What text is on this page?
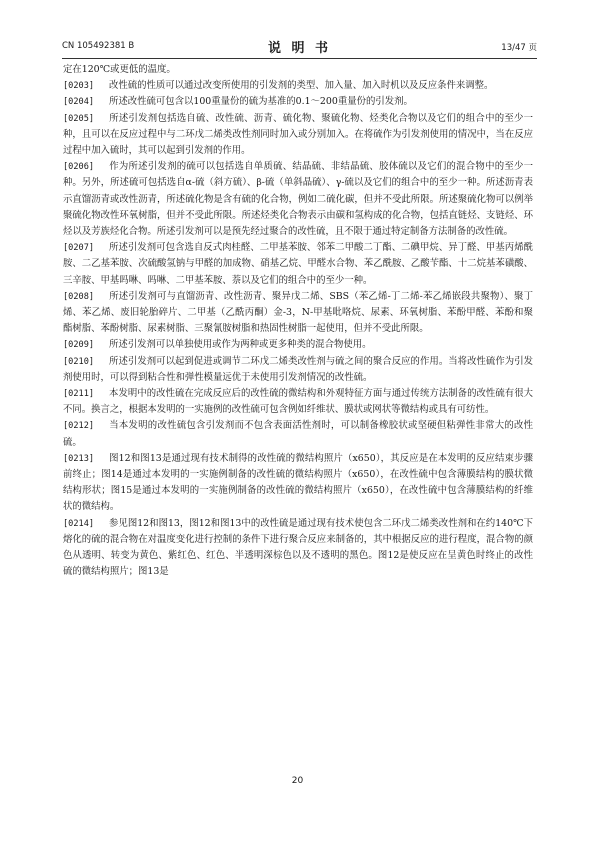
CN 105492381 B	说 明 书	13/47 页

定在120℃或更低的温度。

[0203] 改性硫的性质可以通过改变所使用的引发剂的类型、加入量、加入时机以及反应条件来调整。

[0204] 所述改性硫可包含以100重量份的硫为基准的0.1～200重量份的引发剂。

[0205] 所述引发剂包括选自硫、改性硫、沥青、硫化物、聚硫化物、烃类化合物以及它们的组合中的至少一种，且可以在反应过程中与二环戊二烯类改性剂同时加入或分别加入。在将硫作为引发剂使用的情况中，当在反应过程中加入硫时，其可以起到引发剂的作用。

[0206] 作为所述引发剂的硫可以包括选自单质硫、结晶硫、非结晶硫、胶体硫以及它们的混合物中的至少一种。另外，所述硫可包括选自α-硫（斜方硫）、β-硫（单斜晶硫）、γ-硫以及它们的组合中的至少一种。所述沥青表示直馏沥青或改性沥青，所述硫化物是含有硫的化合物，例如二硫化碳，但并不受此所限。所述聚硫化物可以例举聚硫化物改性环氧树脂，但并不受此所限。所述烃类化合物表示由碳和氢构成的化合物，包括直链烃、支链烃、环烃以及芳族烃化合物。所述引发剂可以是预先经过聚合的改性硫，且不限于通过特定制备方法制备的改性硫。

[0207] 所述引发剂可包含选自反式肉桂醛、二甲基苯胺、邻苯二甲酸二丁酯、二碘甲烷、异丁醛、甲基丙烯酰胺、二乙基苯胺、次硫酸氢钠与甲醛的加成物、硝基乙烷、甲醛水合物、苯乙酰胺、乙酸苄酯、十二烷基苯磺酸、三辛胺、甲基吗啉、吗啉、二甲基苯胺、萘以及它们的组合中的至少一种。

[0208] 所述引发剂可与直馏沥青、改性沥青、聚异戊二烯、SBS（苯乙烯-丁二烯-苯乙烯嵌段共聚物）、聚丁烯、苯乙烯、废旧轮胎碎片、二甲基（乙酰丙酮）金-3，N-甲基吡咯烷、尿素、环氧树脂、苯酚甲醛、苯酚和聚酯树脂、苯酚树脂、尿素树脂、三聚氰胺树脂和热固性树脂一起使用，但并不受此所限。

[0209] 所述引发剂可以单独使用或作为两种或更多种类的混合物使用。

[0210] 所述引发剂可以起到促进或调节二环戊二烯类改性剂与硫之间的聚合反应的作用。当将改性硫作为引发剂使用时，可以得到粘合性和弹性模量远优于未使用引发剂情况的改性硫。

[0211] 本发明中的改性硫在完成反应后的改性硫的微结构和外观特征方面与通过传统方法制备的改性硫有很大不同。换言之，根据本发明的一实施例的改性硫可包含例如纤维状、膜状或网状等微结构或具有可纺性。

[0212] 当本发明的改性硫包含引发剂而不包含表面活性剂时，可以制备橡胶状或坚硬但粘弹性非常大的改性硫。

[0213] 图12和图13是通过现有技术制得的改性硫的微结构照片（x650），其反应是在本发明的反应结束步骤前终止；图14是通过本发明的一实施例制备的改性硫的微结构照片（x650），在改性硫中包含薄膜结构的膜状微结构形状；图15是通过本发明的一实施例制备的改性硫的微结构照片（x650），在改性硫中包含薄膜结构的纤维状的微结构。

[0214] 参见图12和图13，图12和图13中的改性硫是通过现有技术使包含二环戊二烯类改性剂和在约140℃下熔化的硫的混合物在对温度变化进行控制的条件下进行聚合反应来制备的，其中根据反应的进行程度，混合物的颜色从透明、转变为黄色、紫红色、红色、半透明深棕色以及不透明的黑色。图12是使反应在呈黄色时终止的改性硫的微结构照片；图13是

20
